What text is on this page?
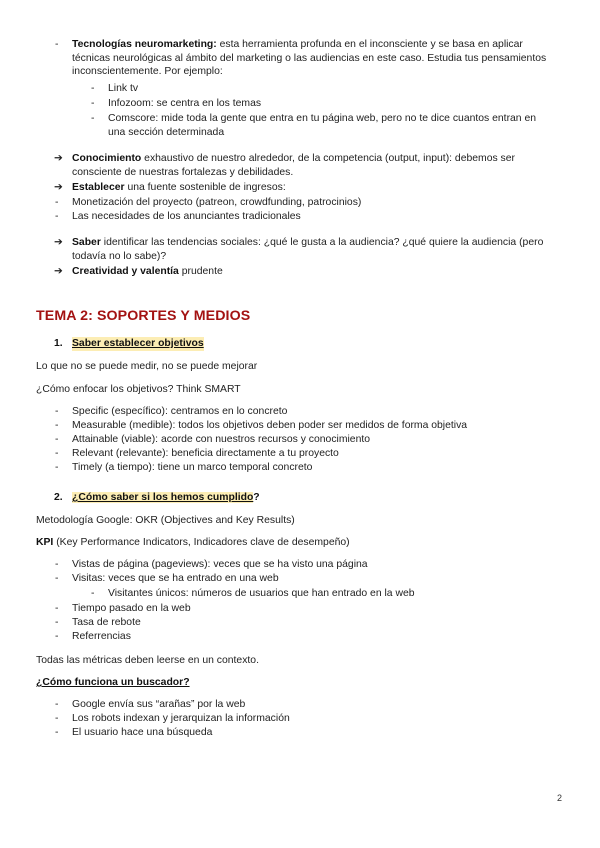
- Tecnologías neuromarketing: esta herramienta profunda en el inconsciente y se basa en aplicar técnicas neurológicas al ámbito del marketing o las audiencias en este caso. Estudia tus pensamientos inconscientemente. Por ejemplo:
- Link tv
- Infozoom: se centra en los temas
- Comscore: mide toda la gente que entra en tu página web, pero no te dice cuantos entran en una sección determinada
➔ Conocimiento exhaustivo de nuestro alrededor, de la competencia (output, input): debemos ser consciente de nuestras fortalezas y debilidades.
➔ Establecer una fuente sostenible de ingresos:
- Monetización del proyecto (patreon, crowdfunding, patrocinios)
- Las necesidades de los anunciantes tradicionales
➔ Saber identificar las tendencias sociales: ¿qué le gusta a la audiencia? ¿qué quiere la audiencia (pero todavía no lo sabe)?
➔ Creatividad y valentía prudente
TEMA 2: SOPORTES Y MEDIOS
1. Saber establecer objetivos
Lo que no se puede medir, no se puede mejorar
¿Cómo enfocar los objetivos? Think SMART
- Specific (específico): centramos en lo concreto
- Measurable (medible): todos los objetivos deben poder ser medidos de forma objetiva
- Attainable (viable): acorde con nuestros recursos y conocimiento
- Relevant (relevante): beneficia directamente a tu proyecto
- Timely (a tiempo): tiene un marco temporal concreto
2. ¿Cómo saber si los hemos cumplido?
Metodología Google: OKR (Objectives and Key Results)
KPI (Key Performance Indicators, Indicadores clave de desempeño)
- Vistas de página (pageviews): veces que se ha visto una página
- Visitas: veces que se ha entrado en una web
- Visitantes únicos: números de usuarios que han entrado en la web
- Tiempo pasado en la web
- Tasa de rebote
- Referrencias
Todas las métricas deben leerse en un contexto.
¿Cómo funciona un buscador?
- Google envía sus “arañas” por la web
- Los robots indexan y jerarquizan la información
- El usuario hace una búsqueda
2
